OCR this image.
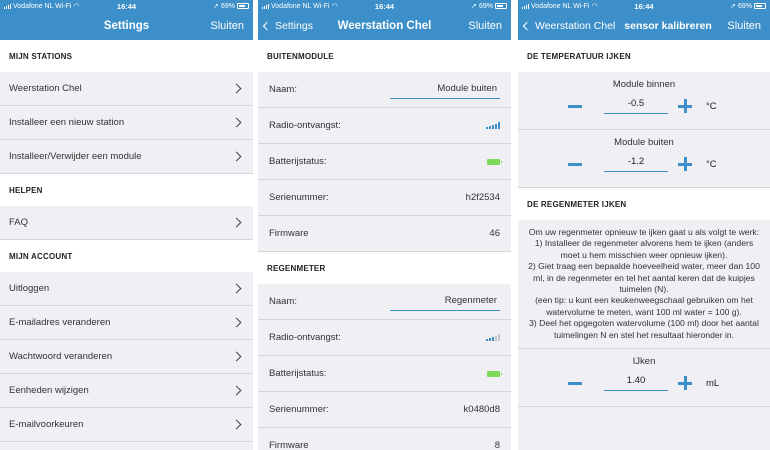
Vodafone NL Wi-Fi ◠	16:44	➚ 69%
Settings	Sluiten
MIJN STATIONS
Weerstation Chel
Installeer een nieuw station
Installeer/Verwijder een module
HELPEN
FAQ
MIJN ACCOUNT
Uitloggen
E-mailadres veranderen
Wachtwoord veranderen
Eenheden wijzigen
E-mailvoorkeuren
Vodafone NL Wi-Fi ◠	16:44	➚ 69%
Settings	Weerstation Chel	Sluiten
BUITENMODULE
Naam:	Module buiten
Radio-ontvangst:
Batterijstatus:
Serienummer:	h2f2534
Firmware	46
REGENMETER
Naam:	Regenmeter
Radio-ontvangst:
Batterijstatus:
Serienummer:	k0480d8
Firmware	8
Vodafone NL Wi-Fi ◠	16:44	➚ 69%
Weerstation Chel
sensor kalibreren Sluiten
DE TEMPERATUUR IJKEN
Module binnen
-0.5	°C
Module buiten
-1.2	°C
DE REGENMETER IJKEN

Om uw regenmeter opnieuw te ijken gaat u als volgt te werk:

1) Installeer de regenmeter alvorens hem te ijken (anders moet u hem misschien weer opnieuw ijken).

2) Giet traag een bepaalde hoeveelheid water, meer dan 100 ml, in de regenmeter en tel het aantal keren dat de kuipjes tuimelen (N).

(een tip: u kunt een keukenweegschaal gebruiken om het watervolume te meten, want 100 ml water = 100 g).

3) Deel het opgegoten watervolume (100 ml) door het aantal tuimelingen N en stel het resultaat hieronder in.

IJken
1.40	mL
